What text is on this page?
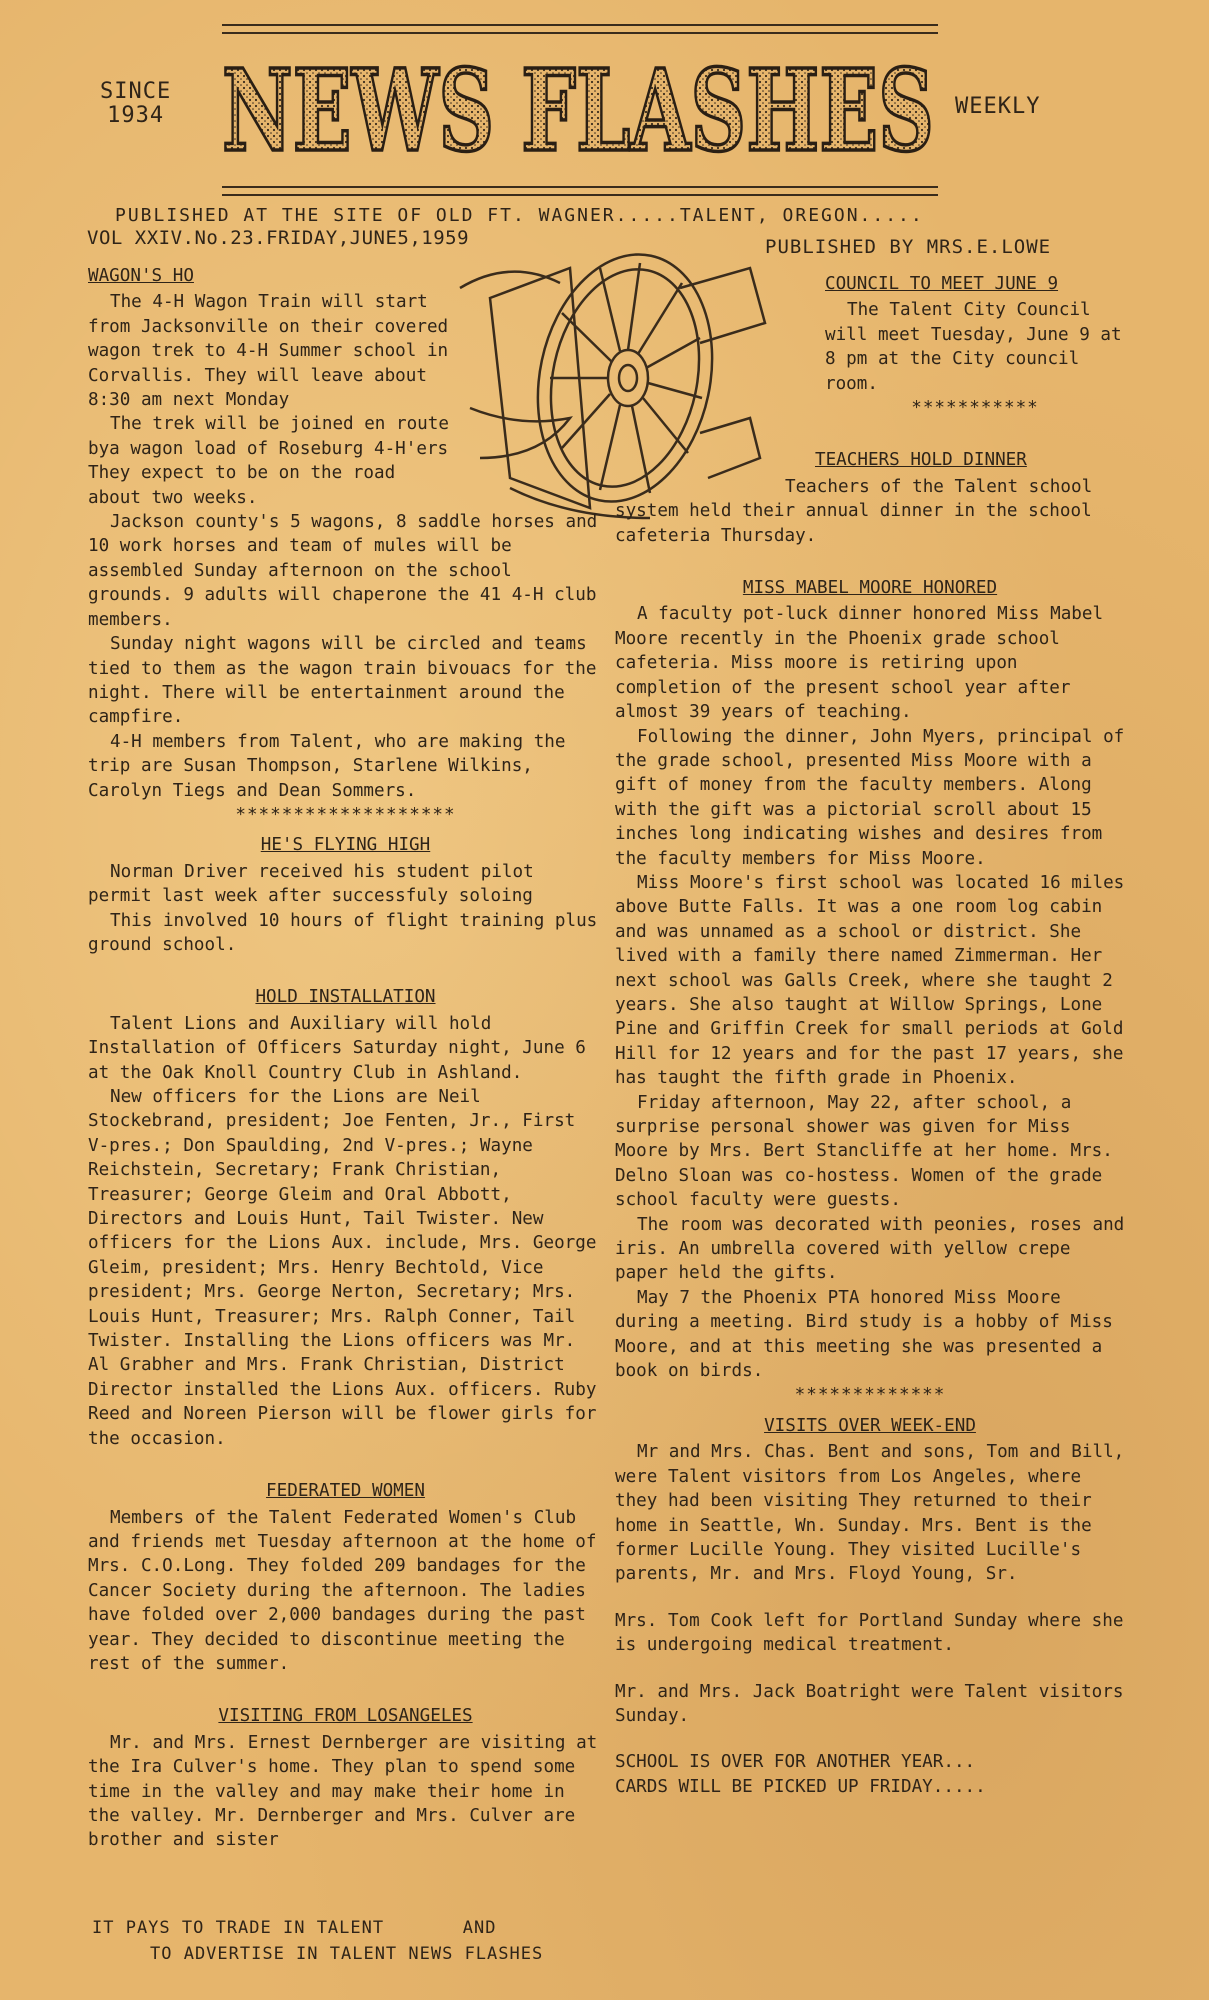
SINCE
1934 NEWS FLASHES WEEKLY
PUBLISHED AT THE SITE OF OLD FT. WAGNER.....TALENT, OREGON.....
VOL XXIV.No.23.FRIDAY,JUNE5,1959	PUBLISHED BY MRS.E.LOWE
WAGON'S HO

The 4-H Wagon Train will start from Jacksonville on their covered wagon trek to 4-H Summer school in Corvallis. They will leave about 8:30 am next Monday

The trek will be joined en route bya wagon load of Roseburg 4-H'ers They expect to be on the road about two weeks.

Jackson county's 5 wagons, 8 saddle horses and 10 work horses and team of mules will be assembled Sunday afternoon on the school grounds. 9 adults will chaperone the 41 4-H club members.

Sunday night wagons will be circled and teams tied to them as the wagon train bivouacs for the night. There will be entertainment around the campfire.

4-H members from Talent, who are making the trip are Susan Thompson, Starlene Wilkins, Carolyn Tiegs and Dean Sommers.

*******************
HE'S FLYING HIGH

Norman Driver received his student pilot permit last week after successfuly soloing

This involved 10 hours of flight training plus ground school.

HOLD INSTALLATION

Talent Lions and Auxiliary will hold Installation of Officers Saturday night, June 6 at the Oak Knoll Country Club in Ashland.

New officers for the Lions are Neil Stockebrand, president; Joe Fenten, Jr., First V-pres.; Don Spaulding, 2nd V-pres.; Wayne Reichstein, Secretary; Frank Christian, Treasurer; George Gleim and Oral Abbott, Directors and Louis Hunt, Tail Twister. New officers for the Lions Aux. include, Mrs. George Gleim, president; Mrs. Henry Bechtold, Vice president; Mrs. George Nerton, Secretary; Mrs. Louis Hunt, Treasurer; Mrs. Ralph Conner, Tail Twister. Installing the Lions officers was Mr. Al Grabher and Mrs. Frank Christian, District Director installed the Lions Aux. officers. Ruby Reed and Noreen Pierson will be flower girls for the occasion.

FEDERATED WOMEN

Members of the Talent Federated Women's Club and friends met Tuesday afternoon at the home of Mrs. C.O.Long. They folded 209 bandages for the Cancer Society during the afternoon. The ladies have folded over 2,000 bandages during the past year. They decided to discontinue meeting the rest of the summer.

VISITING FROM LOSANGELES

Mr. and Mrs. Ernest Dernberger are visiting at the Ira Culver's home. They plan to spend some time in the valley and may make their home in the valley. Mr. Dernberger and Mrs. Culver are brother and sister

COUNCIL TO MEET JUNE 9

The Talent City Council will meet Tuesday, June 9 at 8 pm at the City council room.

***********
TEACHERS HOLD DINNER

Teachers of the Talent school system held their annual dinner in the school cafeteria Thursday.

MISS MABEL MOORE HONORED

A faculty pot-luck dinner honored Miss Mabel Moore recently in the Phoenix grade school cafeteria. Miss moore is retiring upon completion of the present school year after almost 39 years of teaching.

Following the dinner, John Myers, principal of the grade school, presented Miss Moore with a gift of money from the faculty members. Along with the gift was a pictorial scroll about 15 inches long indicating wishes and desires from the faculty members for Miss Moore.

Miss Moore's first school was located 16 miles above Butte Falls. It was a one room log cabin and was unnamed as a school or district. She lived with a family there named Zimmerman. Her next school was Galls Creek, where she taught 2 years. She also taught at Willow Springs, Lone Pine and Griffin Creek for small periods at Gold Hill for 12 years and for the past 17 years, she has taught the fifth grade in Phoenix.

Friday afternoon, May 22, after school, a surprise personal shower was given for Miss Moore by Mrs. Bert Stancliffe at her home. Mrs. Delno Sloan was co-hostess. Women of the grade school faculty were guests.

The room was decorated with peonies, roses and iris. An umbrella covered with yellow crepe paper held the gifts.

May 7 the Phoenix PTA honored Miss Moore during a meeting. Bird study is a hobby of Miss Moore, and at this meeting she was presented a book on birds.

*************
VISITS OVER WEEK-END

Mr and Mrs. Chas. Bent and sons, Tom and Bill, were Talent visitors from Los Angeles, where they had been visiting They returned to their home in Seattle, Wn. Sunday. Mrs. Bent is the former Lucille Young. They visited Lucille's parents, Mr. and Mrs. Floyd Young, Sr.

Mrs. Tom Cook left for Portland Sunday where she is undergoing medical treatment.

Mr. and Mrs. Jack Boatright were Talent visitors Sunday.

SCHOOL IS OVER FOR ANOTHER YEAR...

CARDS WILL BE PICKED UP FRIDAY.....

IT PAYS TO TRADE IN TALENT       AND
TO ADVERTISE IN TALENT NEWS FLASHES
